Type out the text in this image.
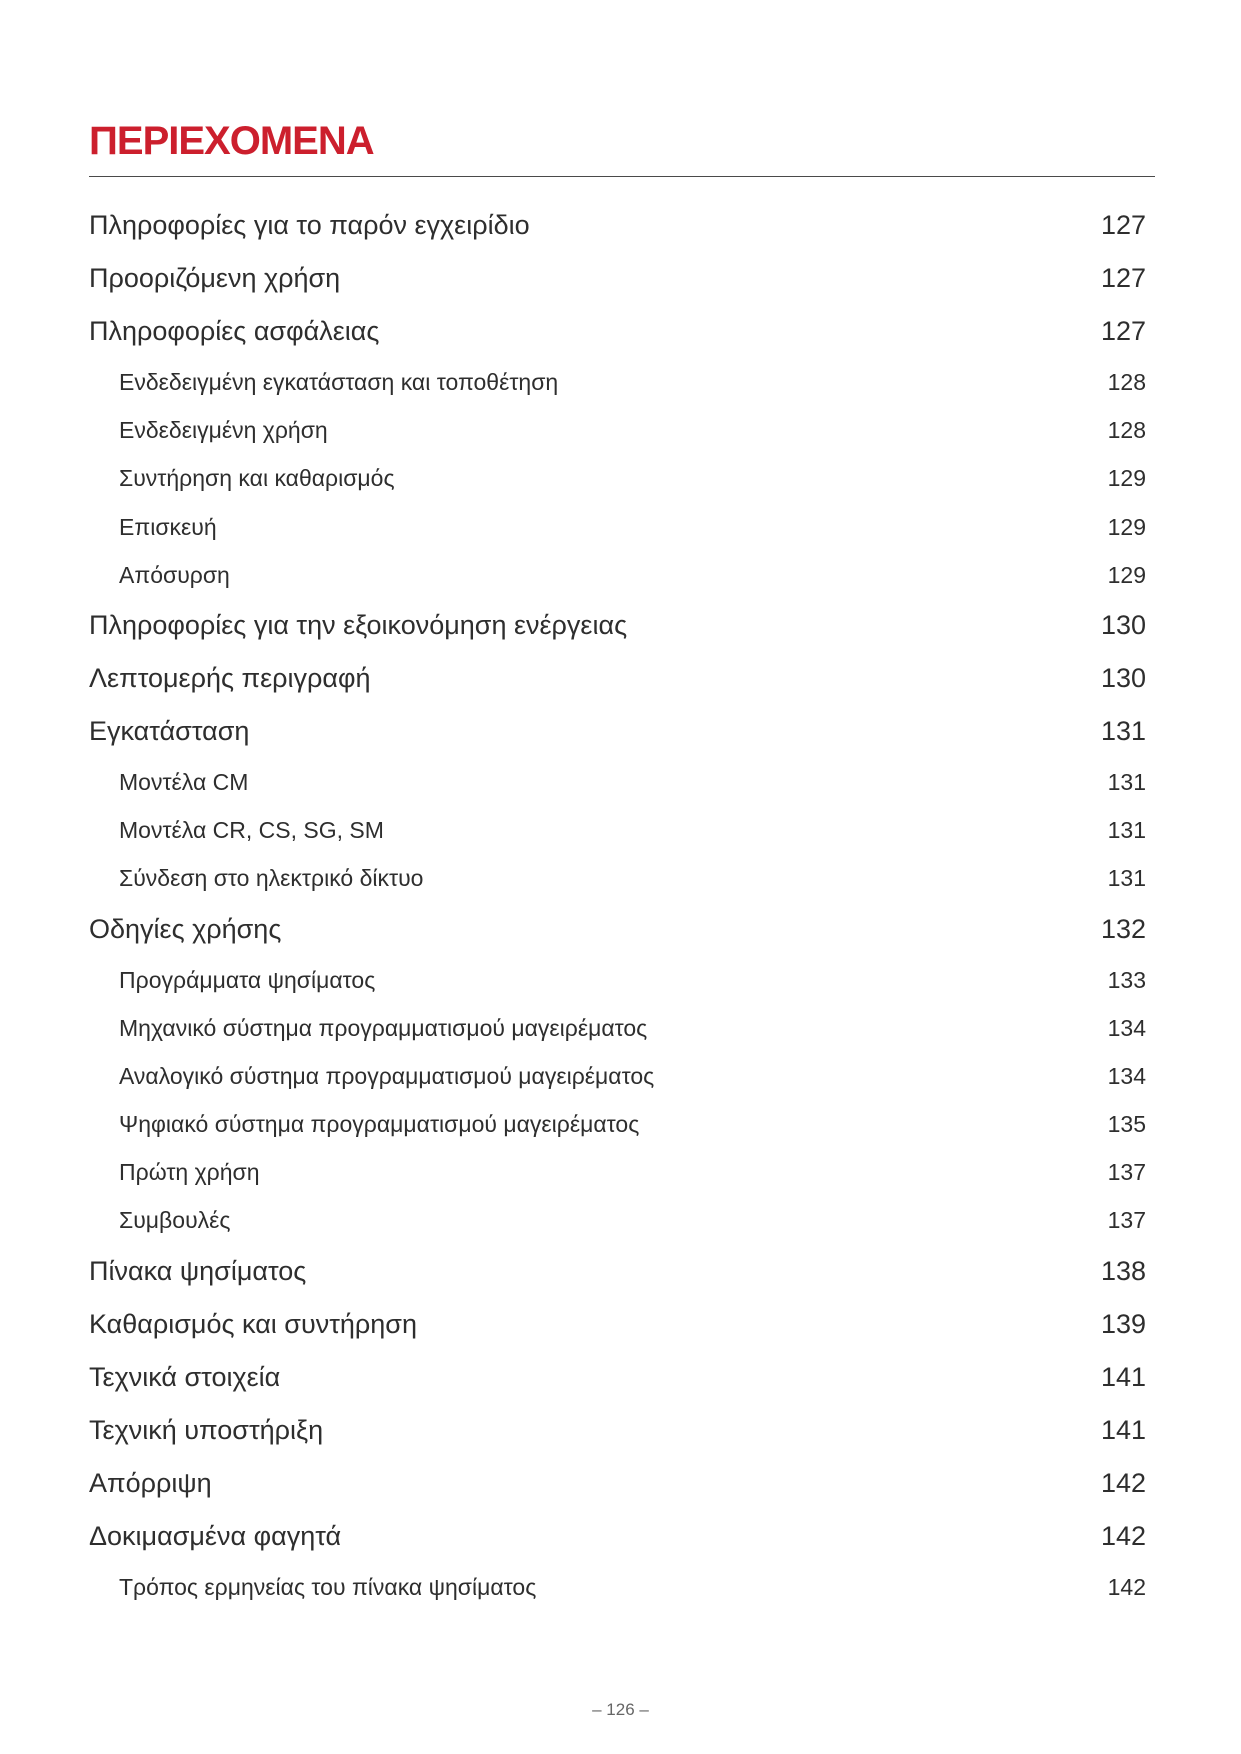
ΠΕΡΙΕΧΟΜΕΝΑ
Πληροφορίες για το παρόν εγχειρίδιο	127
Προοριζόμενη χρήση	127
Πληροφορίες ασφάλειας	127
Ενδεδειγμένη εγκατάσταση και τοποθέτηση	128
Ενδεδειγμένη χρήση	128
Συντήρηση και καθαρισμός	129
Επισκευή	129
Απόσυρση	129
Πληροφορίες για την εξοικονόμηση ενέργειας	130
Λεπτομερής περιγραφή	130
Εγκατάσταση	131
Μοντέλα CM	131
Μοντέλα CR, CS, SG, SM	131
Σύνδεση στο ηλεκτρικό δίκτυο	131
Οδηγίες χρήσης	132
Προγράμματα ψησίματος	133
Μηχανικό σύστημα προγραμματισμού μαγειρέματος	134
Αναλογικό σύστημα προγραμματισμού μαγειρέματος	134
Ψηφιακό σύστημα προγραμματισμού μαγειρέματος	135
Πρώτη χρήση	137
Συμβουλές	137
Πίνακα ψησίματος	138
Καθαρισμός και συντήρηση	139
Τεχνικά στοιχεία	141
Τεχνική υποστήριξη	141
Απόρριψη	142
Δοκιμασμένα φαγητά	142
Τρόπος ερμηνείας του πίνακα ψησίματος	142
– 126 –
